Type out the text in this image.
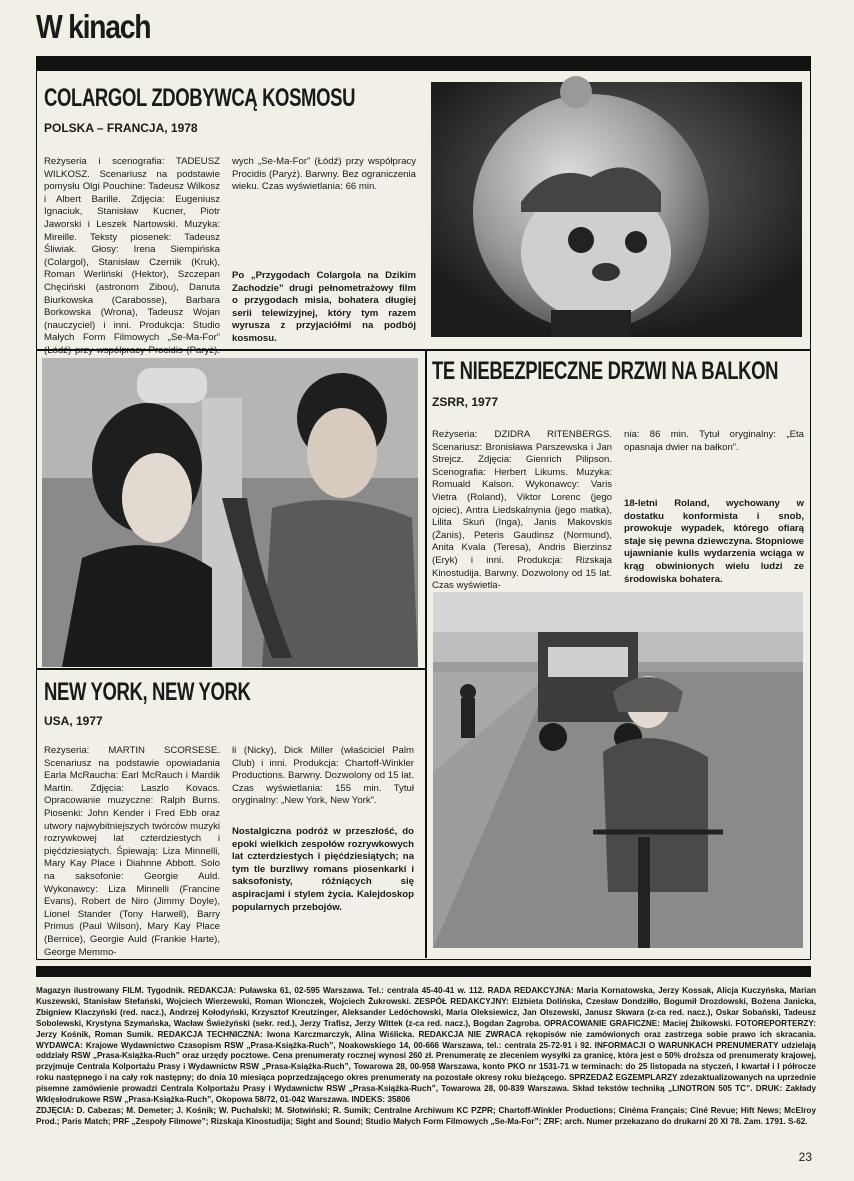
W kinach
COLARGOL ZDOBYWCĄ KOSMOSU
POLSKA – FRANCJA, 1978

Reżyseria i scenografia: TADEUSZ WILKOSZ. Scenariusz na podstawie pomysłu Olgi Pouchine: Tadeusz Wilkosz i Albert Barille. Zdjęcia: Eugeniusz Ignaciuk, Stanisław Kucner, Piotr Jaworski i Leszek Nartowski. Muzyka: Mireille. Teksty piosenek: Tadeusz Śliwiak. Głosy: Irena Siempińska (Colargol), Stanisław Czernik (Kruk), Roman Werliński (Hektor), Szczepan Chęciński (astronom Zibou), Danuta Biurkowska (Carabosse), Barbara Borkowska (Wrona), Tadeusz Wojan (nauczyciel) i inni. Produkcja: Studio Małych Form Filmowych „Se-Ma-For” (Łódź) przy współpracy Procidis (Paryż).

wych „Se-Ma-For” (Łódź) przy współpracy Procidis (Paryż). Barwny. Bez ograniczenia wieku. Czas wyświetlania: 66 min.

Po „Przygodach Colargola na Dzikim Zachodzie” drugi pełnometrażowy film o przygodach misia, bohatera długiej serii telewizyjnej, który tym razem wyrusza z przyjaciółmi na podbój kosmosu.

NEW YORK, NEW YORK
USA, 1977

Reżyseria: MARTIN SCORSESE. Scenariusz na podstawie opowiadania Earla McRaucha: Earl McRauch i Mardik Martin. Zdjęcia: Laszlo Kovacs. Opracowanie muzyczne: Ralph Burns. Piosenki: John Kender i Fred Ebb oraz utwory najwybitniejszych twórców muzyki rozrywkowej lat czterdziestych i pięćdziesiątych. Śpiewają: Liza Minnelli, Mary Kay Place i Diahnne Abbott. Solo na saksofonie: Georgie Auld. Wykonawcy: Liza Minnelli (Francine Evans), Robert de Niro (Jimmy Doyle), Lionel Stander (Tony Harwell), Barry Primus (Paul Wilson), Mary Kay Place (Bernice), Georgie Auld (Frankie Harte), George Memmo-

li (Nicky), Dick Miller (właściciel Palm Club) i inni. Produkcja: Chartoff-Winkler Productions. Barwny. Dozwolony od 15 lat. Czas wyświetlania: 155 min. Tytuł oryginalny: „New York, New York”.

Nostalgiczna podróż w przeszłość, do epoki wielkich zespołów rozrywkowych lat czterdziestych i pięćdziesiątych; na tym tle burzliwy romans piosenkarki i saksofonisty, różniących się aspiracjami i stylem życia. Kalejdoskop popularnych przebojów.

TE NIEBEZPIECZNE DRZWI NA BALKON
ZSRR, 1977

Reżyseria: DZIDRA RITENBERGS. Scenariusz: Bronisława Parszewska i Jan Strejcz. Zdjęcia: Gienrich Pilipson. Scenografia: Herbert Likums. Muzyka: Romuald Kalson. Wykonawcy: Varis Vietra (Roland), Viktor Lorenc (jego ojciec), Antra Liedskalnynia (jego matka), Lilita Skuń (Inga), Janis Makovskis (Żanis), Peteris Gaudinsz (Normund), Anita Kvala (Teresa), Andris Bierzinsz (Eryk) i inni. Produkcja: Rizskaja Kinostudija. Barwny. Dozwolony od 15 lat. Czas wyświetla-

nia: 86 min. Tytuł oryginalny: „Eta opasnaja dwier na bałkon”.

18-letni Roland, wychowany w dostatku konformista i snob, prowokuje wypadek, którego ofiarą staje się pewna dziewczyna. Stopniowe ujawnianie kulis wydarzenia wciąga w krąg obwinionych wielu ludzi ze środowiska bohatera.

Magazyn ilustrowany FILM. Tygodnik. REDAKCJA: Puławska 61, 02-595 Warszawa. Tel.: centrala 45-40-41 w. 112. RADA REDAKCYJNA: Maria Kornatowska, Jerzy Kossak, Alicja Kuczyńska, Marian Kuszewski, Stanisław Stefański, Wojciech Wierzewski, Roman Wionczek, Wojciech Żukrowski. ZESPÓŁ REDAKCYJNY: Elżbieta Dolińska, Czesław Dondziłło, Bogumił Drozdowski, Bożena Janicka, Zbigniew Klaczyński (red. nacz.), Andrzej Kołodyński, Krzysztof Kreutzinger, Aleksander Ledóchowski, Maria Oleksiewicz, Jan Olszewski, Janusz Skwara (z-ca red. nacz.), Oskar Sobański, Tadeusz Sobolewski, Krystyna Szymańska, Wacław Świeżyński (sekr. red.), Jerzy Trafisz, Jerzy Wittek (z-ca red. nacz.), Bogdan Zagroba. OPRACOWANIE GRAFICZNE: Maciej Żbikowski. FOTOREPORTERZY: Jerzy Kośnik, Roman Sumik. REDAKCJA TECHNICZNA: Iwona Karczmarczyk, Alina Wiślicka. REDAKCJA NIE ZWRACA rękopisów nie zamówionych oraz zastrzega sobie prawo ich skracania. WYDAWCA: Krajowe Wydawnictwo Czasopism RSW „Prasa-Książka-Ruch”, Noakowskiego 14, 00-666 Warszawa, tel.: centrala 25-72-91 i 92. INFORMACJI O WARUNKACH PRENUMERATY udzielają oddziały RSW „Prasa-Książka-Ruch” oraz urzędy pocztowe. Cena prenumeraty rocznej wynosi 260 zł. Prenumeratę ze zleceniem wysyłki za granicę, która jest o 50% droższa od prenumeraty krajowej, przyjmuje Centrala Kolportażu Prasy i Wydawnictw RSW „Prasa-Książka-Ruch”, Towarowa 28, 00-958 Warszawa, konto PKO nr 1531-71 w terminach: do 25 listopada na styczeń, I kwartał i I półrocze roku następnego i na cały rok następny; do dnia 10 miesiąca poprzedzającego okres prenumeraty na pozostałe okresy roku bieżącego. SPRZEDAŻ EGZEMPLARZY zdezaktualizowanych na uprzednie pisemne zamówienie prowadzi Centrala Kolportażu Prasy i Wydawnictw RSW „Prasa-Książka-Ruch”, Towarowa 28, 00-839 Warszawa. Skład tekstów techniką „LINOTRON 505 TC”. DRUK: Zakłady Wklęsłodrukowe RSW „Prasa-Książka-Ruch”, Okopowa 58/72, 01-042 Warszawa. INDEKS: 35806

ZDJĘCIA: D. Cabezas; M. Demeter; J. Kośnik; W. Puchalski; M. Słotwiński; R. Sumik; Centralne Archiwum KC PZPR; Chartoff-Winkler Productions; Cinéma Français; Ciné Revue; Hift News; McElroy Prod.; Paris Match; PRF „Zespoły Filmowe”; Rizskaja Kinostudija; Sight and Sound; Studio Małych Form Filmowych „Se-Ma-For”; ZRF; arch. Numer przekazano do drukarni 20 XI 78. Zam. 1791. S-62.

23
